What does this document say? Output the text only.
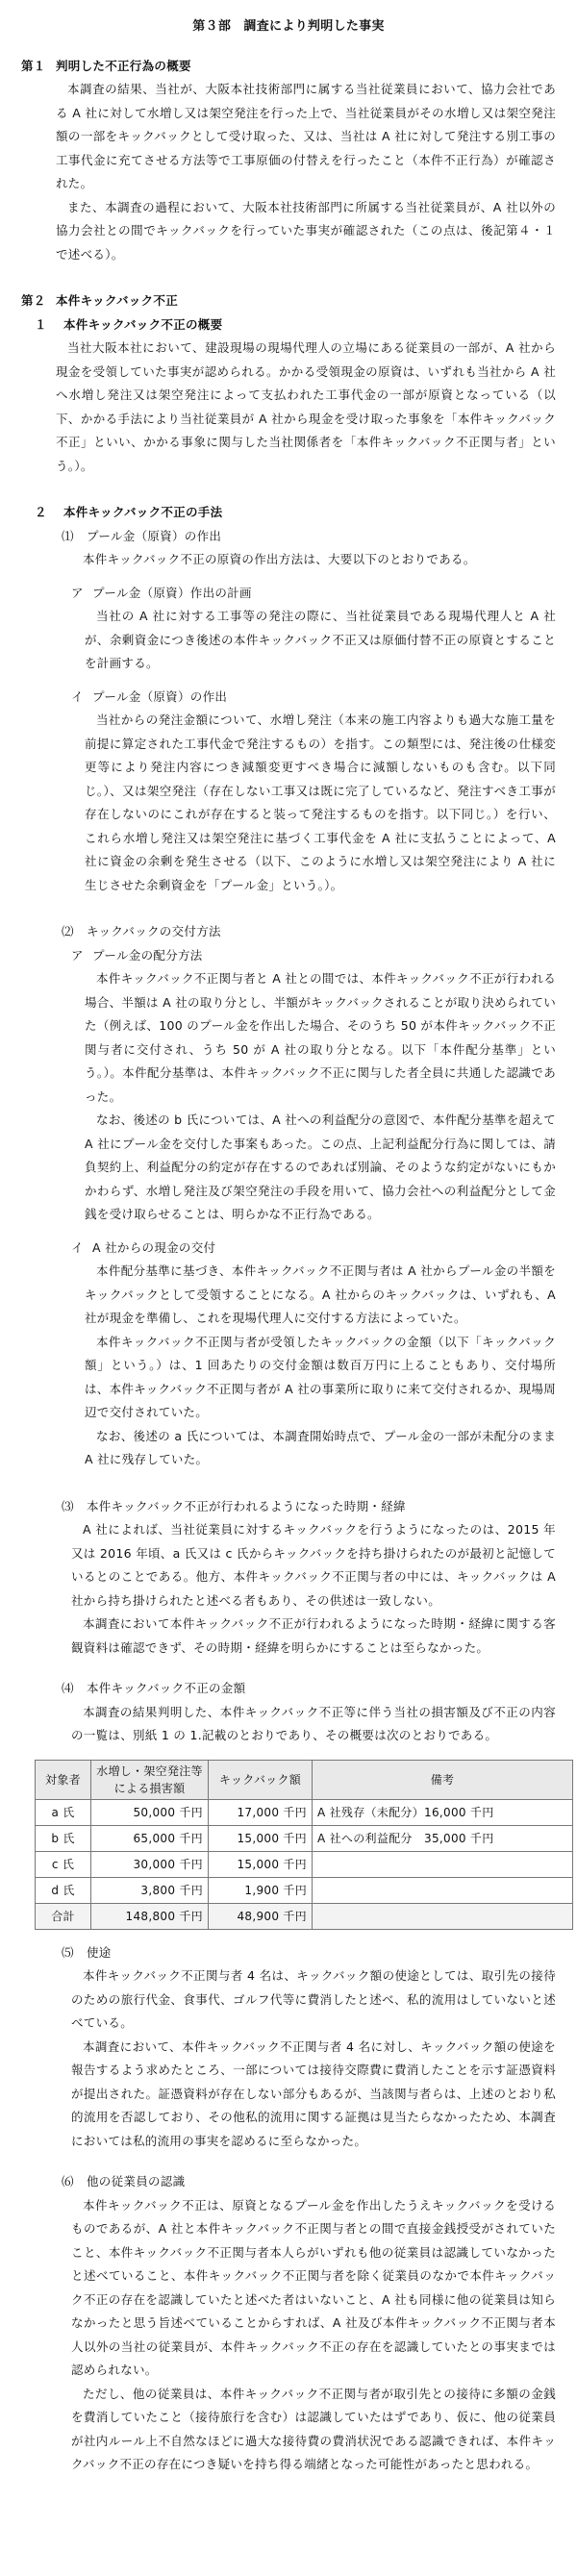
第３部　調査により判明した事実
第１ 判明した不正行為の概要
本調査の結果、当社が、大阪本社技術部門に属する当社従業員において、協力会社である A 社に対して水増し又は架空発注を行った上で、当社従業員がその水増し又は架空発注額の一部をキックバックとして受け取った、又は、当社は A 社に対して発注する別工事の工事代金に充てさせる方法等で工事原価の付替えを行ったこと（本件不正行為）が確認された。
また、本調査の過程において、大阪本社技術部門に所属する当社従業員が、A 社以外の協力会社との間でキックバックを行っていた事実が確認された（この点は、後記第４・１で述べる）。
第２ 本件キックバック不正
１ 本件キックバック不正の概要
当社大阪本社において、建設現場の現場代理人の立場にある従業員の一部が、A 社から現金を受領していた事実が認められる。かかる受領現金の原資は、いずれも当社から A 社へ水増し発注又は架空発注によって支払われた工事代金の一部が原資となっている（以下、かかる手法により当社従業員が A 社から現金を受け取った事象を「本件キックバック不正」といい、かかる事象に関与した当社関係者を「本件キックバック不正関与者」という。）。
２ 本件キックバック不正の手法
⑴ プール金（原資）の作出
本件キックバック不正の原資の作出方法は、大要以下のとおりである。
ア プール金（原資）作出の計画
当社の A 社に対する工事等の発注の際に、当社従業員である現場代理人と A 社が、余剰資金につき後述の本件キックバック不正又は原価付替不正の原資とすることを計画する。
イ プール金（原資）の作出
当社からの発注金額について、水増し発注（本来の施工内容よりも過大な施工量を前提に算定された工事代金で発注するもの）を指す。この類型には、発注後の仕様変更等により発注内容につき減額変更すべき場合に減額しないものも含む。以下同じ。）、又は架空発注（存在しない工事又は既に完了しているなど、発注すべき工事が存在しないのにこれが存在すると装って発注するものを指す。以下同じ。）を行い、これら水増し発注又は架空発注に基づく工事代金を A 社に支払うことによって、A 社に資金の余剰を発生させる（以下、このように水増し又は架空発注により A 社に生じさせた余剰資金を「プール金」という。）。
⑵ キックバックの交付方法
ア プール金の配分方法
本件キックバック不正関与者と A 社との間では、本件キックバック不正が行われる場合、半額は A 社の取り分とし、半額がキックバックされることが取り決められていた（例えば、100 のプール金を作出した場合、そのうち 50 が本件キックバック不正関与者に交付され、うち 50 が A 社の取り分となる。以下「本件配分基準」という。）。本件配分基準は、本件キックバック不正に関与した者全員に共通した認識であった。
なお、後述の b 氏については、A 社への利益配分の意図で、本件配分基準を超えて A 社にプール金を交付した事案もあった。この点、上記利益配分行為に関しては、請負契約上、利益配分の約定が存在するのであれば別論、そのような約定がないにもかかわらず、水増し発注及び架空発注の手段を用いて、協力会社への利益配分として金銭を受け取らせることは、明らかな不正行為である。
イ A 社からの現金の交付
本件配分基準に基づき、本件キックバック不正関与者は A 社からプール金の半額をキックバックとして受領することになる。A 社からのキックバックは、いずれも、A 社が現金を準備し、これを現場代理人に交付する方法によっていた。
本件キックバック不正関与者が受領したキックバックの金額（以下「キックバック額」という。）は、1 回あたりの交付金額は数百万円に上ることもあり、交付場所は、本件キックバック不正関与者が A 社の事業所に取りに来て交付されるか、現場周辺で交付されていた。
なお、後述の a 氏については、本調査開始時点で、プール金の一部が未配分のまま A 社に残存していた。
⑶ 本件キックバック不正が行われるようになった時期・経緯
A 社によれば、当社従業員に対するキックバックを行うようになったのは、2015 年又は 2016 年頃、a 氏又は c 氏からキックバックを持ち掛けられたのが最初と記憶しているとのことである。他方、本件キックバック不正関与者の中には、キックバックは A 社から持ち掛けられたと述べる者もあり、その供述は一致しない。
本調査において本件キックバック不正が行われるようになった時期・経緯に関する客観資料は確認できず、その時期・経緯を明らかにすることは至らなかった。
⑷ 本件キックバック不正の金額
本調査の結果判明した、本件キックバック不正等に伴う当社の損害額及び不正の内容の一覧は、別紙 1 の 1.記載のとおりであり、その概要は次のとおりである。
対象者	水増し・架空発注等による損害額	キックバック額	備考
a 氏	50,000 千円	17,000 千円	A 社残存（未配分）16,000 千円
b 氏	65,000 千円	15,000 千円	A 社への利益配分　35,000 千円
c 氏	30,000 千円	15,000 千円	
d 氏	3,800 千円	1,900 千円	
合計	148,800 千円	48,900 千円	
⑸ 使途
本件キックバック不正関与者 4 名は、キックバック額の使途としては、取引先の接待のための旅行代金、食事代、ゴルフ代等に費消したと述べ、私的流用はしていないと述べている。
本調査において、本件キックバック不正関与者 4 名に対し、キックバック額の使途を報告するよう求めたところ、一部については接待交際費に費消したことを示す証憑資料が提出された。証憑資料が存在しない部分もあるが、当該関与者らは、上述のとおり私的流用を否認しており、その他私的流用に関する証拠は見当たらなかったため、本調査においては私的流用の事実を認めるに至らなかった。
⑹ 他の従業員の認識
本件キックバック不正は、原資となるプール金を作出したうえキックバックを受けるものであるが、A 社と本件キックバック不正関与者との間で直接金銭授受がされていたこと、本件キックバック不正関与者本人らがいずれも他の従業員は認識していなかったと述べていること、本件キックバック不正関与者を除く従業員のなかで本件キックバック不正の存在を認識していたと述べた者はいないこと、A 社も同様に他の従業員は知らなかったと思う旨述べていることからすれば、A 社及び本件キックバック不正関与者本人以外の当社の従業員が、本件キックバック不正の存在を認識していたとの事実までは認められない。
ただし、他の従業員は、本件キックバック不正関与者が取引先との接待に多額の金銭を費消していたこと（接待旅行を含む）は認識していたはずであり、仮に、他の従業員が社内ルール上不自然なほどに過大な接待費の費消状況である認識できれば、本件キックバック不正の存在につき疑いを持ち得る端緒となった可能性があったと思われる。
